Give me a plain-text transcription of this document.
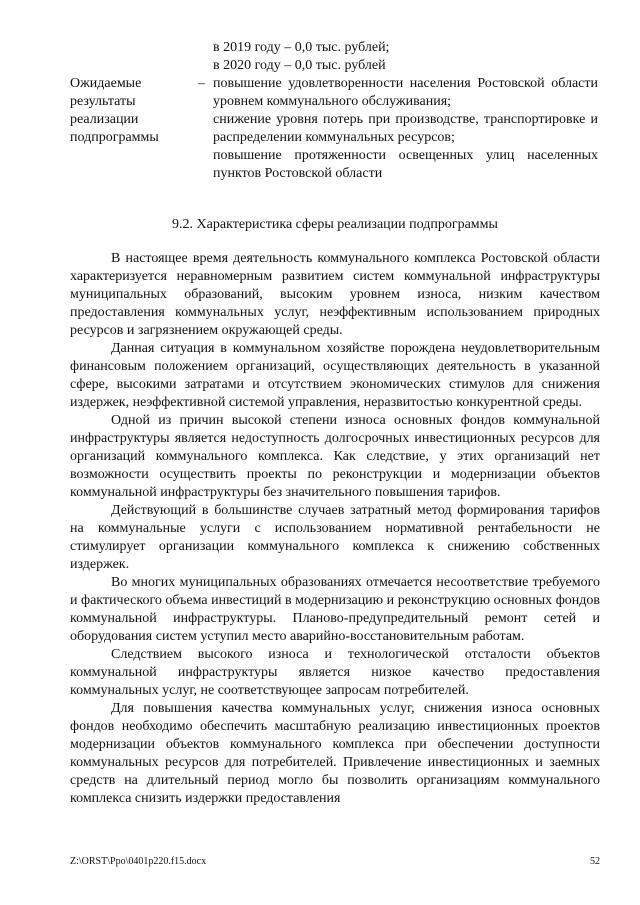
в 2019 году – 0,0 тыс. рублей;
в 2020 году – 0,0 тыс. рублей
Ожидаемые результаты реализации подпрограммы
– повышение удовлетворенности населения Ростовской области уровнем коммунального обслуживания;

снижение уровня потерь при производстве, транспортировке и распределении коммунальных ресурсов;

повышение протяженности освещенных улиц населенных пунктов Ростовской области

9.2. Характеристика сферы реализации подпрограммы

В настоящее время деятельность коммунального комплекса Ростовской области характеризуется неравномерным развитием систем коммунальной инфраструктуры муниципальных образований, высоким уровнем износа, низким качеством предоставления коммунальных услуг, неэффективным использованием природных ресурсов и загрязнением окружающей среды.

Данная ситуация в коммунальном хозяйстве порождена неудовлетворительным финансовым положением организаций, осуществляющих деятельность в указанной сфере, высокими затратами и отсутствием экономических стимулов для снижения издержек, неэффективной системой управления, неразвитостью конкурентной среды.

Одной из причин высокой степени износа основных фондов коммунальной инфраструктуры является недоступность долгосрочных инвестиционных ресурсов для организаций коммунального комплекса. Как следствие, у этих организаций нет возможности осуществить проекты по реконструкции и модернизации объектов коммунальной инфраструктуры без значительного повышения тарифов.

Действующий в большинстве случаев затратный метод формирования тарифов на коммунальные услуги с использованием нормативной рентабельности не стимулирует организации коммунального комплекса к снижению собственных издержек.

Во многих муниципальных образованиях отмечается несоответствие требуемого и фактического объема инвестиций в модернизацию и реконструкцию основных фондов коммунальной инфраструктуры. Планово-предупредительный ремонт сетей и оборудования систем уступил место аварийно-восстановительным работам.

Следствием высокого износа и технологической отсталости объектов коммунальной инфраструктуры является низкое качество предоставления коммунальных услуг, не соответствующее запросам потребителей.

Для повышения качества коммунальных услуг, снижения износа основных фондов необходимо обеспечить масштабную реализацию инвестиционных проектов модернизации объектов коммунального комплекса при обеспечении доступности коммунальных ресурсов для потребителей. Привлечение инвестиционных и заемных средств на длительный период могло бы позволить организациям коммунального комплекса снизить издержки предоставления

Z:\ORST\Ppo\0401p220.f15.docx	52
